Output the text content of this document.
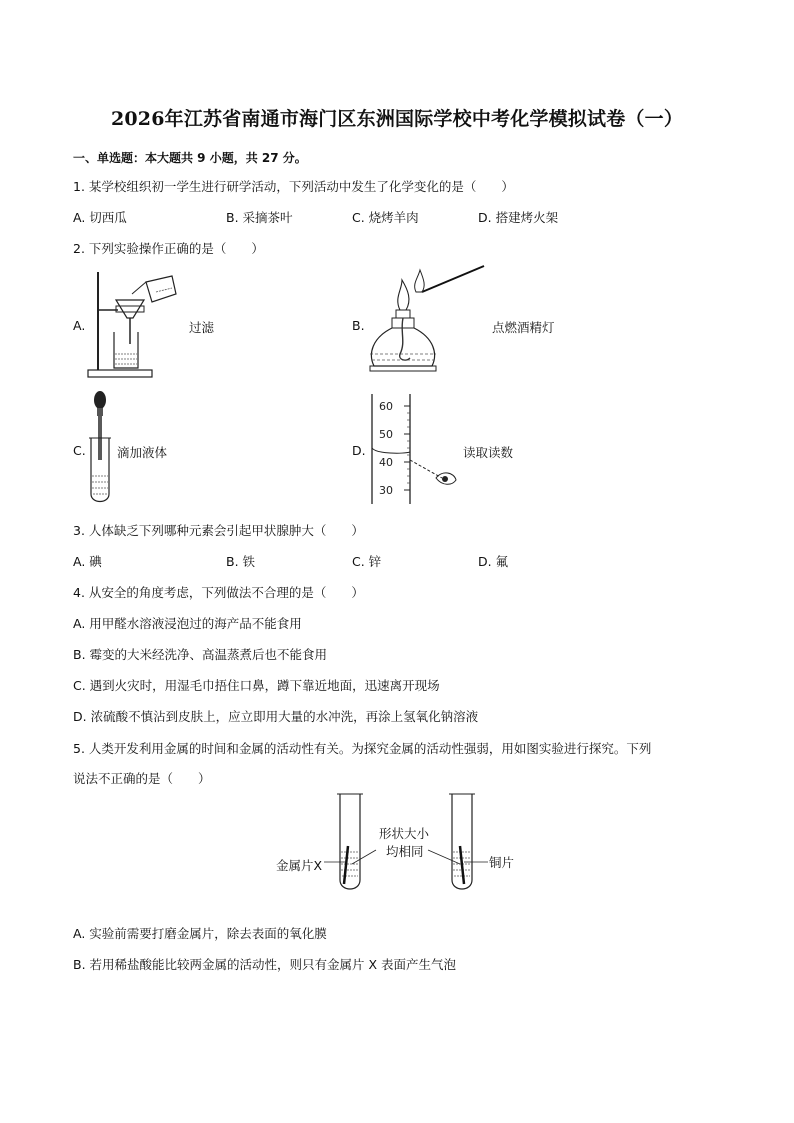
2026年江苏省南通市海门区东洲国际学校中考化学模拟试卷（一）
一、单选题：本大题共 9 小题，共 27 分。
1. 某学校组织初一学生进行研学活动，下列活动中发生了化学变化的是（　　）
A. 切西瓜	B. 采摘茶叶	C. 烧烤羊肉	D. 搭建烤火架
2. 下列实验操作正确的是（　　）
A.	过滤	B.	点燃酒精灯
C.	滴加液体	D.
60
50
40
30
读取读数
3. 人体缺乏下列哪种元素会引起甲状腺肿大（　　）
A. 碘	B. 铁	C. 锌	D. 氟
4. 从安全的角度考虑，下列做法不合理的是（　　）
A. 用甲醛水溶液浸泡过的海产品不能食用
B. 霉变的大米经洗净、高温蒸煮后也不能食用
C. 遇到火灾时，用湿毛巾捂住口鼻，蹲下靠近地面，迅速离开现场
D. 浓硫酸不慎沾到皮肤上，应立即用大量的水冲洗，再涂上氢氧化钠溶液
5. 人类开发利用金属的时间和金属的活动性有关。为探究金属的活动性强弱，用如图实验进行探究。下列
说法不正确的是（　　）
金属片X
形状大小
均相同
铜片
A. 实验前需要打磨金属片，除去表面的氧化膜
B. 若用稀盐酸能比较两金属的活动性，则只有金属片 X 表面产生气泡
